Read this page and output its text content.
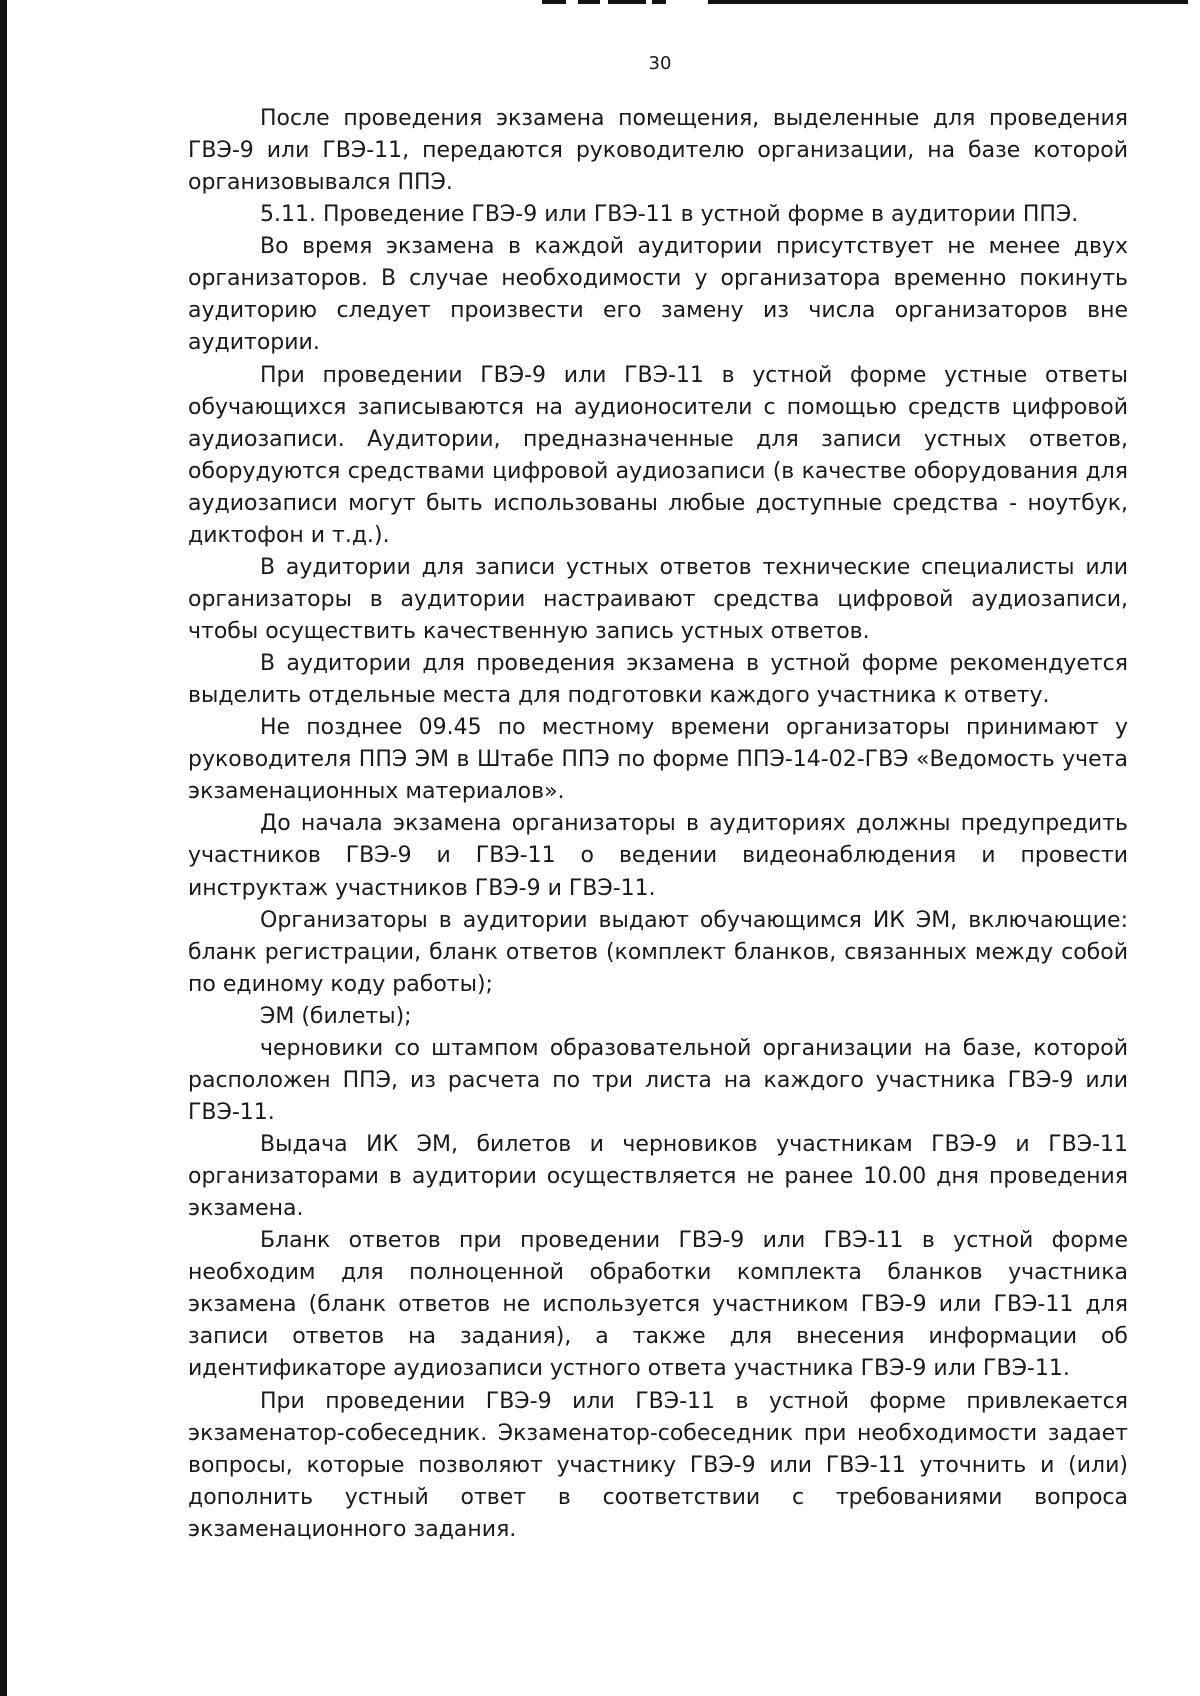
30

После проведения экзамена помещения, выделенные для проведения ГВЭ-9 или ГВЭ-11, передаются руководителю организации, на базе которой организовывался ППЭ.

5.11. Проведение ГВЭ-9 или ГВЭ-11 в устной форме в аудитории ППЭ.

Во время экзамена в каждой аудитории присутствует не менее двух организаторов. В случае необходимости у организатора временно покинуть аудиторию следует произвести его замену из числа организаторов вне аудитории.

При проведении ГВЭ-9 или ГВЭ-11 в устной форме устные ответы обучающихся записываются на аудионосители с помощью средств цифровой аудиозаписи. Аудитории, предназначенные для записи устных ответов, оборудуются средствами цифровой аудиозаписи (в качестве оборудования для аудиозаписи могут быть использованы любые доступные средства - ноутбук, диктофон и т.д.).

В аудитории для записи устных ответов технические специалисты или организаторы в аудитории настраивают средства цифровой аудиозаписи, чтобы осуществить качественную запись устных ответов.

В аудитории для проведения экзамена в устной форме рекомендуется выделить отдельные места для подготовки каждого участника к ответу.

Не позднее 09.45 по местному времени организаторы принимают у руководителя ППЭ ЭМ в Штабе ППЭ по форме ППЭ-14-02-ГВЭ «Ведомость учета экзаменационных материалов».

До начала экзамена организаторы в аудиториях должны предупредить участников ГВЭ-9 и ГВЭ-11 о ведении видеонаблюдения и провести инструктаж участников ГВЭ-9 и ГВЭ-11.

Организаторы в аудитории выдают обучающимся ИК ЭМ, включающие: бланк регистрации, бланк ответов (комплект бланков, связанных между собой по единому коду работы);

ЭМ (билеты);

черновики со штампом образовательной организации на базе, которой расположен ППЭ, из расчета по три листа на каждого участника ГВЭ-9 или ГВЭ-11.

Выдача ИК ЭМ, билетов и черновиков участникам ГВЭ-9 и ГВЭ-11 организаторами в аудитории осуществляется не ранее 10.00 дня проведения экзамена.

Бланк ответов при проведении ГВЭ-9 или ГВЭ-11 в устной форме необходим для полноценной обработки комплекта бланков участника экзамена (бланк ответов не используется участником ГВЭ-9 или ГВЭ-11 для записи ответов на задания), а также для внесения информации об идентификаторе аудиозаписи устного ответа участника ГВЭ-9 или ГВЭ-11.

При проведении ГВЭ-9 или ГВЭ-11 в устной форме привлекается экзаменатор-собеседник. Экзаменатор-собеседник при необходимости задает вопросы, которые позволяют участнику ГВЭ-9 или ГВЭ-11 уточнить и (или) дополнить устный ответ в соответствии с требованиями вопроса экзаменационного задания.
